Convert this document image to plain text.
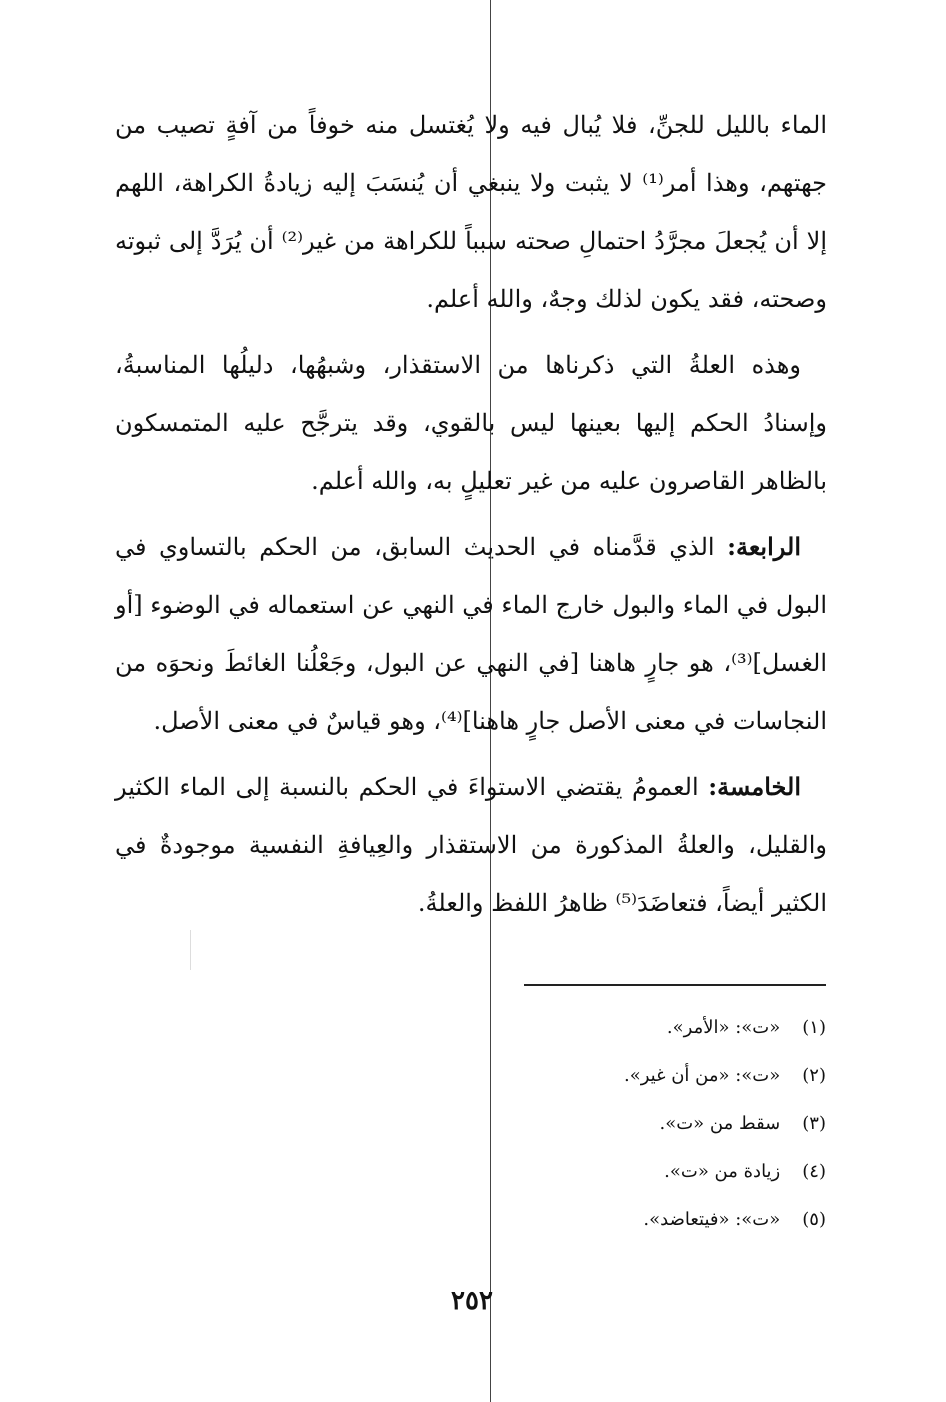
الماء بالليل للجنِّ، فلا يُبال فيه ولا يُغتسل منه خوفاً من آفةٍ تصيب من جهتهم، وهذا أمر⁽¹⁾ لا يثبت ولا ينبغي أن يُنسَبَ إليه زيادةُ الكراهة، اللهم إلا أن يُجعلَ مجرَّدُ احتمالِ صحته سبباً للكراهة من غير⁽²⁾ أن يُرَدَّ إلى ثبوته وصحته، فقد يكون لذلك وجهٌ، والله أعلم.

وهذه العلةُ التي ذكرناها من الاستقذار، وشبهُها، دليلُها المناسبةُ، وإسنادُ الحكم إليها بعينها ليس بالقوي، وقد يترجَّح عليه المتمسكون بالظاهر القاصرون عليه من غير تعليلٍ به، والله أعلم.

الرابعة: الذي قدَّمناه في الحديث السابق، من الحكم بالتساوي في البول في الماء والبول خارج الماء في النهي عن استعماله في الوضوء [أو الغسل]⁽³⁾، هو جارٍ هاهنا [في النهي عن البول، وجَعْلُنا الغائطَ ونحوَه من النجاسات في معنى الأصل جارٍ هاهنا]⁽⁴⁾، وهو قياسٌ في معنى الأصل.

الخامسة: العمومُ يقتضي الاستواءَ في الحكم بالنسبة إلى الماء الكثير والقليل، والعلةُ المذكورة من الاستقذار والعِيافةِ النفسية موجودةٌ في الكثير أيضاً، فتعاضَدَ⁽⁵⁾ ظاهرُ اللفظ والعلةُ.

(١) «ت»: «الأمر».
(٢) «ت»: «من أن غير».
(٣) سقط من «ت».
(٤) زيادة من «ت».
(٥) «ت»: «فيتعاضد».
٢٥٢
